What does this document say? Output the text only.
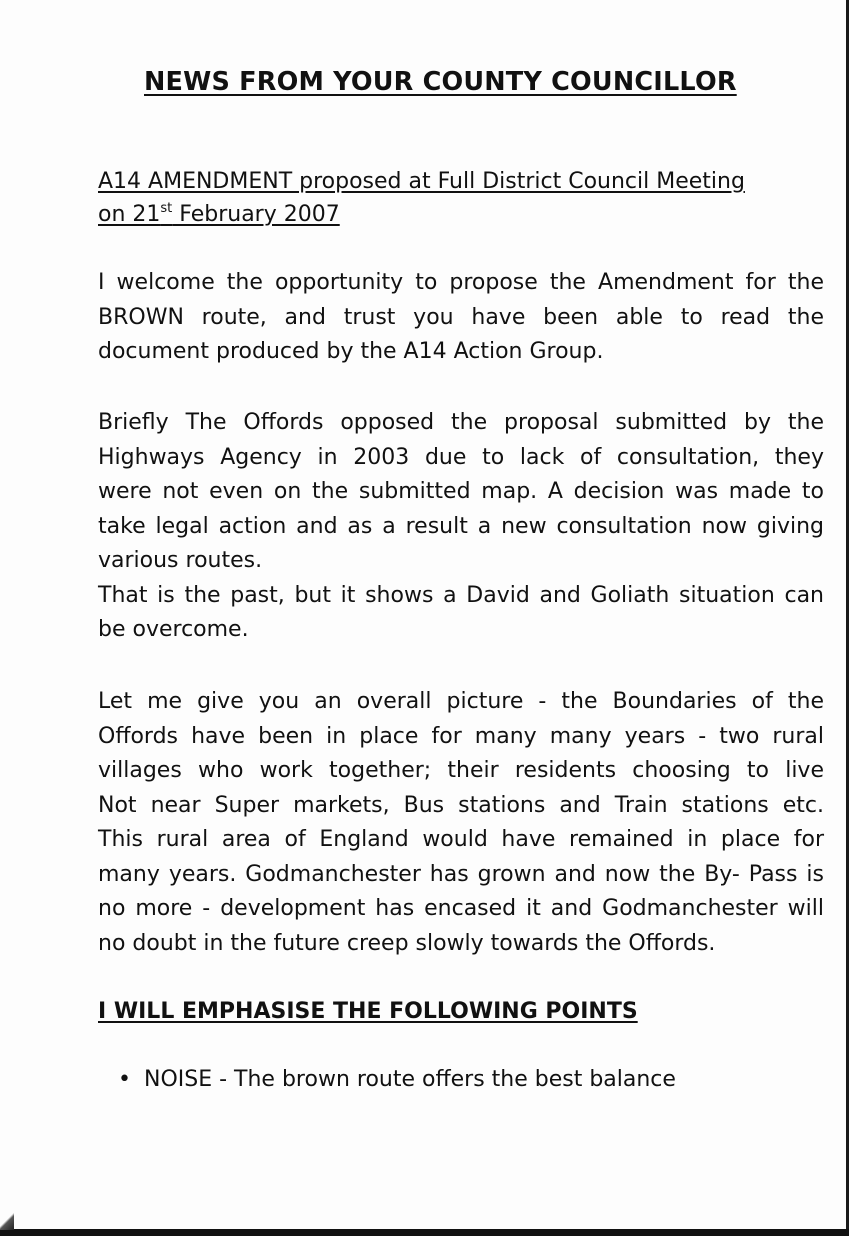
NEWS FROM YOUR COUNTY COUNCILLOR
A14 AMENDMENT proposed at Full District Council Meeting
on 21st February 2007
I welcome the opportunity to propose the Amendment for the
BROWN route, and trust you have been able to read the
document produced by the A14 Action Group.
Briefly The Offords opposed the proposal submitted by the
Highways Agency in 2003 due to lack of consultation, they
were not even on the submitted map. A decision was made to
take legal action and as a result a new consultation now giving
various routes.
That is the past, but it shows a David and Goliath situation can
be overcome.
Let me give you an overall picture - the Boundaries of the
Offords have been in place for many many years - two rural
villages who work together; their residents choosing to live
Not near Super markets, Bus stations and Train stations etc.
This rural area of England would have remained in place for
many years. Godmanchester has grown and now the By- Pass is
no more - development has encased it and Godmanchester will
no doubt in the future creep slowly towards the Offords.
I WILL EMPHASISE THE FOLLOWING POINTS
• NOISE - The brown route offers the best balance
